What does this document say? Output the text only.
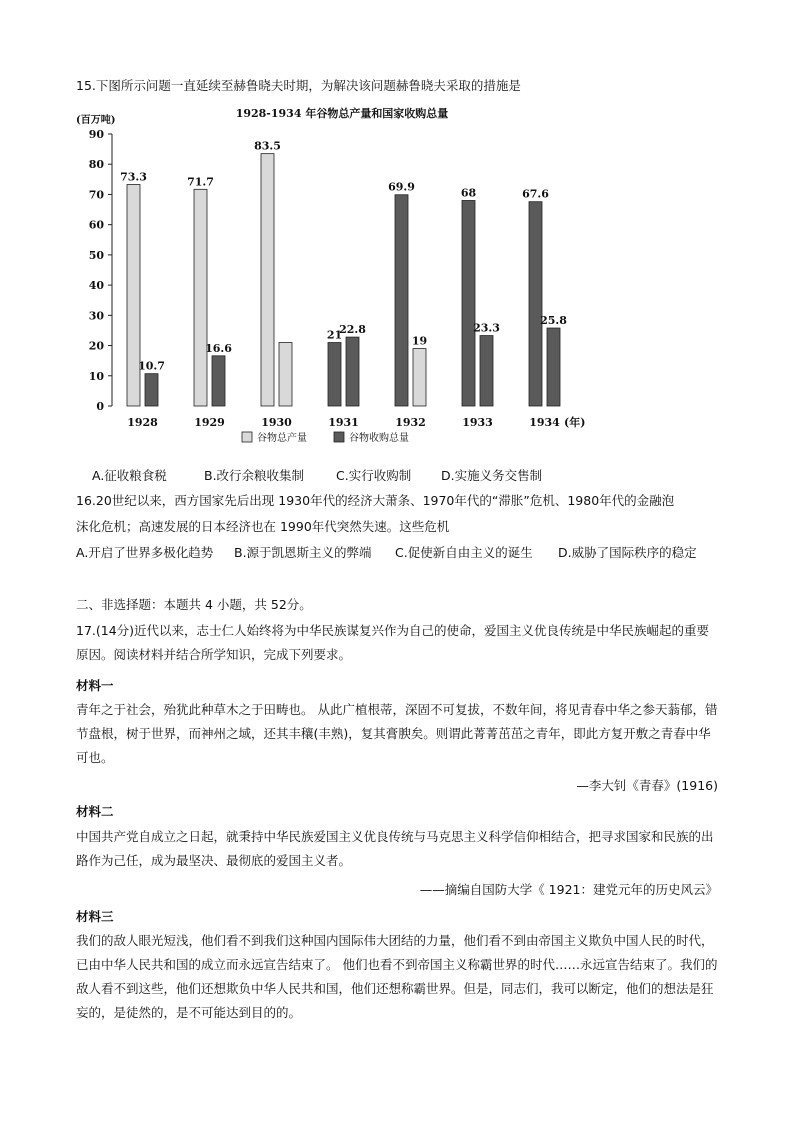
15.下图所示问题一直延续至赫鲁晓夫时期，为解决该问题赫鲁晓夫采取的措施是
1928-1934 年谷物总产量和国家收购总量
(百万吨)
0
10
20
30
40
50
60
70
80
90
73.3
10.7
71.7
16.6
83.5
21
22.8
69.9
19
68
23.3
67.6
25.8
1928	1929	1930	1931	1932	1933	1934 (年)
谷物总产量	谷物收购总量
A.征收粮食税	B.改行余粮收集制	C.实行收购制 D.实施义务交售制
16.20世纪以来，西方国家先后出现 1930年代的经济大萧条、1970年代的“滞胀”危机、1980年代的金融泡
沫化危机；高速发展的日本经济也在 1990年代突然失速。这些危机
A.开启了世界多极化趋势 B.源于凯恩斯主义的弊端 C.促使新自由主义的诞生 D.威胁了国际秩序的稳定
二、非选择题：本题共 4 小题，共 52分。
17.(14分)近代以来，志士仁人始终将为中华民族谋复兴作为自己的使命，爱国主义优良传统是中华民族崛起的重要原因。阅读材料并结合所学知识，完成下列要求。
材料一
青年之于社会，殆犹此种草木之于田畴也。 从此广植根蒂，深固不可复拔，不数年间，将见青春中华之参天蓊郁，错节盘根，树于世界，而神州之域，还其丰穰(丰熟)，复其膏腴矣。则谓此菁菁茁茁之青年，即此方复开敷之青春中华可也。
—李大钊《青春》(1916)
材料二
中国共产党自成立之日起，就秉持中华民族爱国主义优良传统与马克思主义科学信仰相结合，把寻求国家和民族的出路作为己任，成为最坚决、最彻底的爱国主义者。
——摘编自国防大学《 1921：建党元年的历史风云》
材料三
我们的敌人眼光短浅，他们看不到我们这种国内国际伟大团结的力量，他们看不到由帝国主义欺负中国人民的时代，已由中华人民共和国的成立而永远宣告结束了。 他们也看不到帝国主义称霸世界的时代……永远宣告结束了。我们的敌人看不到这些，他们还想欺负中华人民共和国，他们还想称霸世界。但是，同志们，我可以断定，他们的想法是狂妄的，是徒然的，是不可能达到目的的。
